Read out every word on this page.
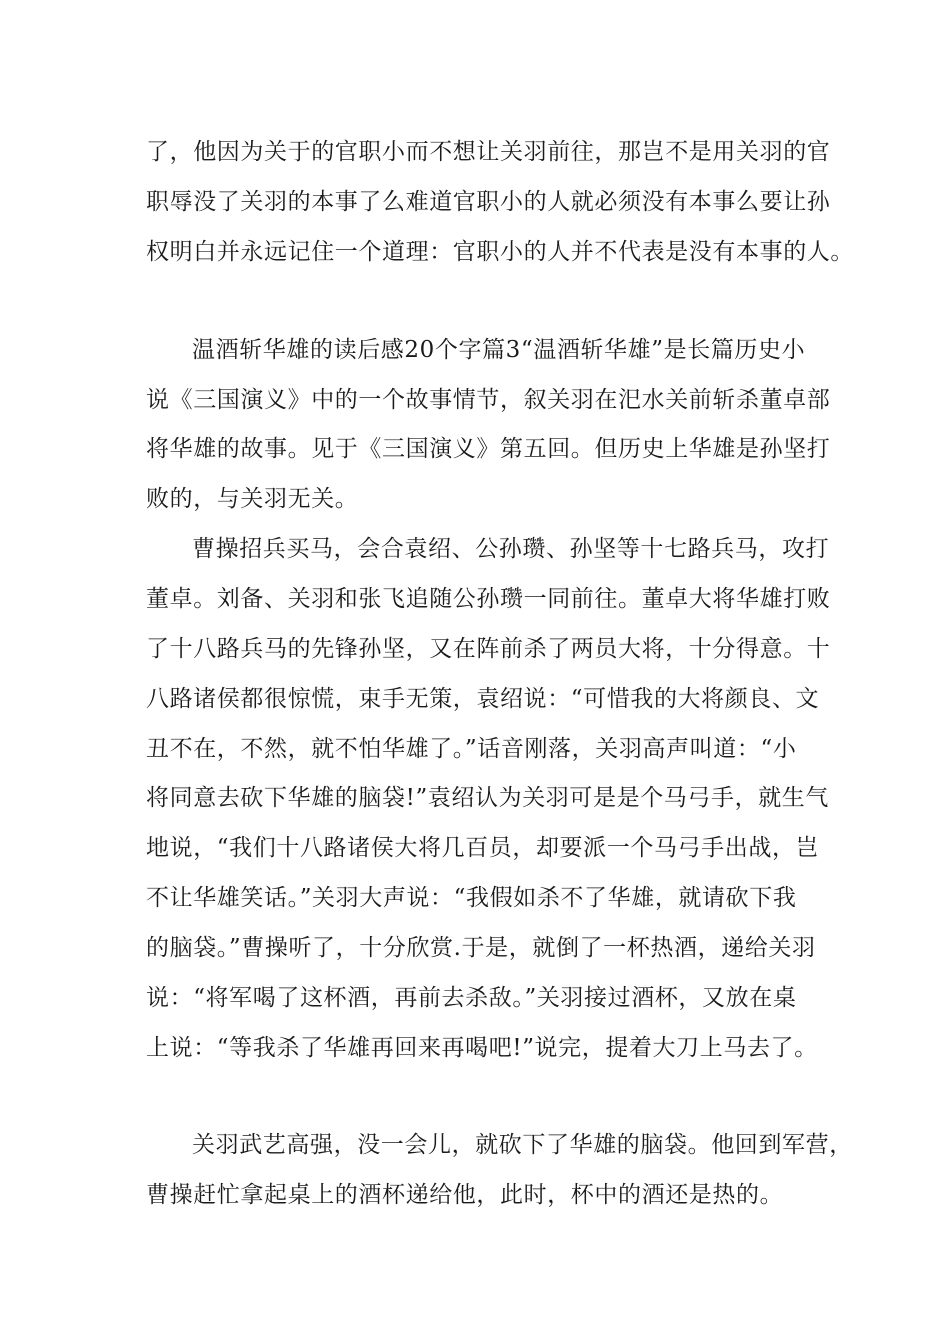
了，他因为关于的官职小而不想让关羽前往，那岂不是用关羽的官
职辱没了关羽的本事了么难道官职小的人就必须没有本事么要让孙
权明白并永远记住一个道理：官职小的人并不代表是没有本事的人。
温酒斩华雄的读后感20个字篇3“温酒斩华雄”是长篇历史小
说《三国演义》中的一个故事情节，叙关羽在汜水关前斩杀董卓部
将华雄的故事。见于《三国演义》第五回。但历史上华雄是孙坚打
败的，与关羽无关。
曹操招兵买马，会合袁绍、公孙瓒、孙坚等十七路兵马，攻打
董卓。刘备、关羽和张飞追随公孙瓒一同前往。董卓大将华雄打败
了十八路兵马的先锋孙坚，又在阵前杀了两员大将，十分得意。十
八路诸侯都很惊慌，束手无策，袁绍说：“可惜我的大将颜良、文
丑不在，不然，就不怕华雄了。”话音刚落，关羽高声叫道：“小
将同意去砍下华雄的脑袋!”袁绍认为关羽可是是个马弓手，就生气
地说，“我们十八路诸侯大将几百员，却要派一个马弓手出战，岂
不让华雄笑话。”关羽大声说：“我假如杀不了华雄，就请砍下我
的脑袋。”曹操听了，十分欣赏.于是，就倒了一杯热酒，递给关羽
说：“将军喝了这杯酒，再前去杀敌。”关羽接过酒杯，又放在桌
上说：“等我杀了华雄再回来再喝吧!”说完，提着大刀上马去了。
关羽武艺高强，没一会儿，就砍下了华雄的脑袋。他回到军营，
曹操赶忙拿起桌上的酒杯递给他，此时，杯中的酒还是热的。
